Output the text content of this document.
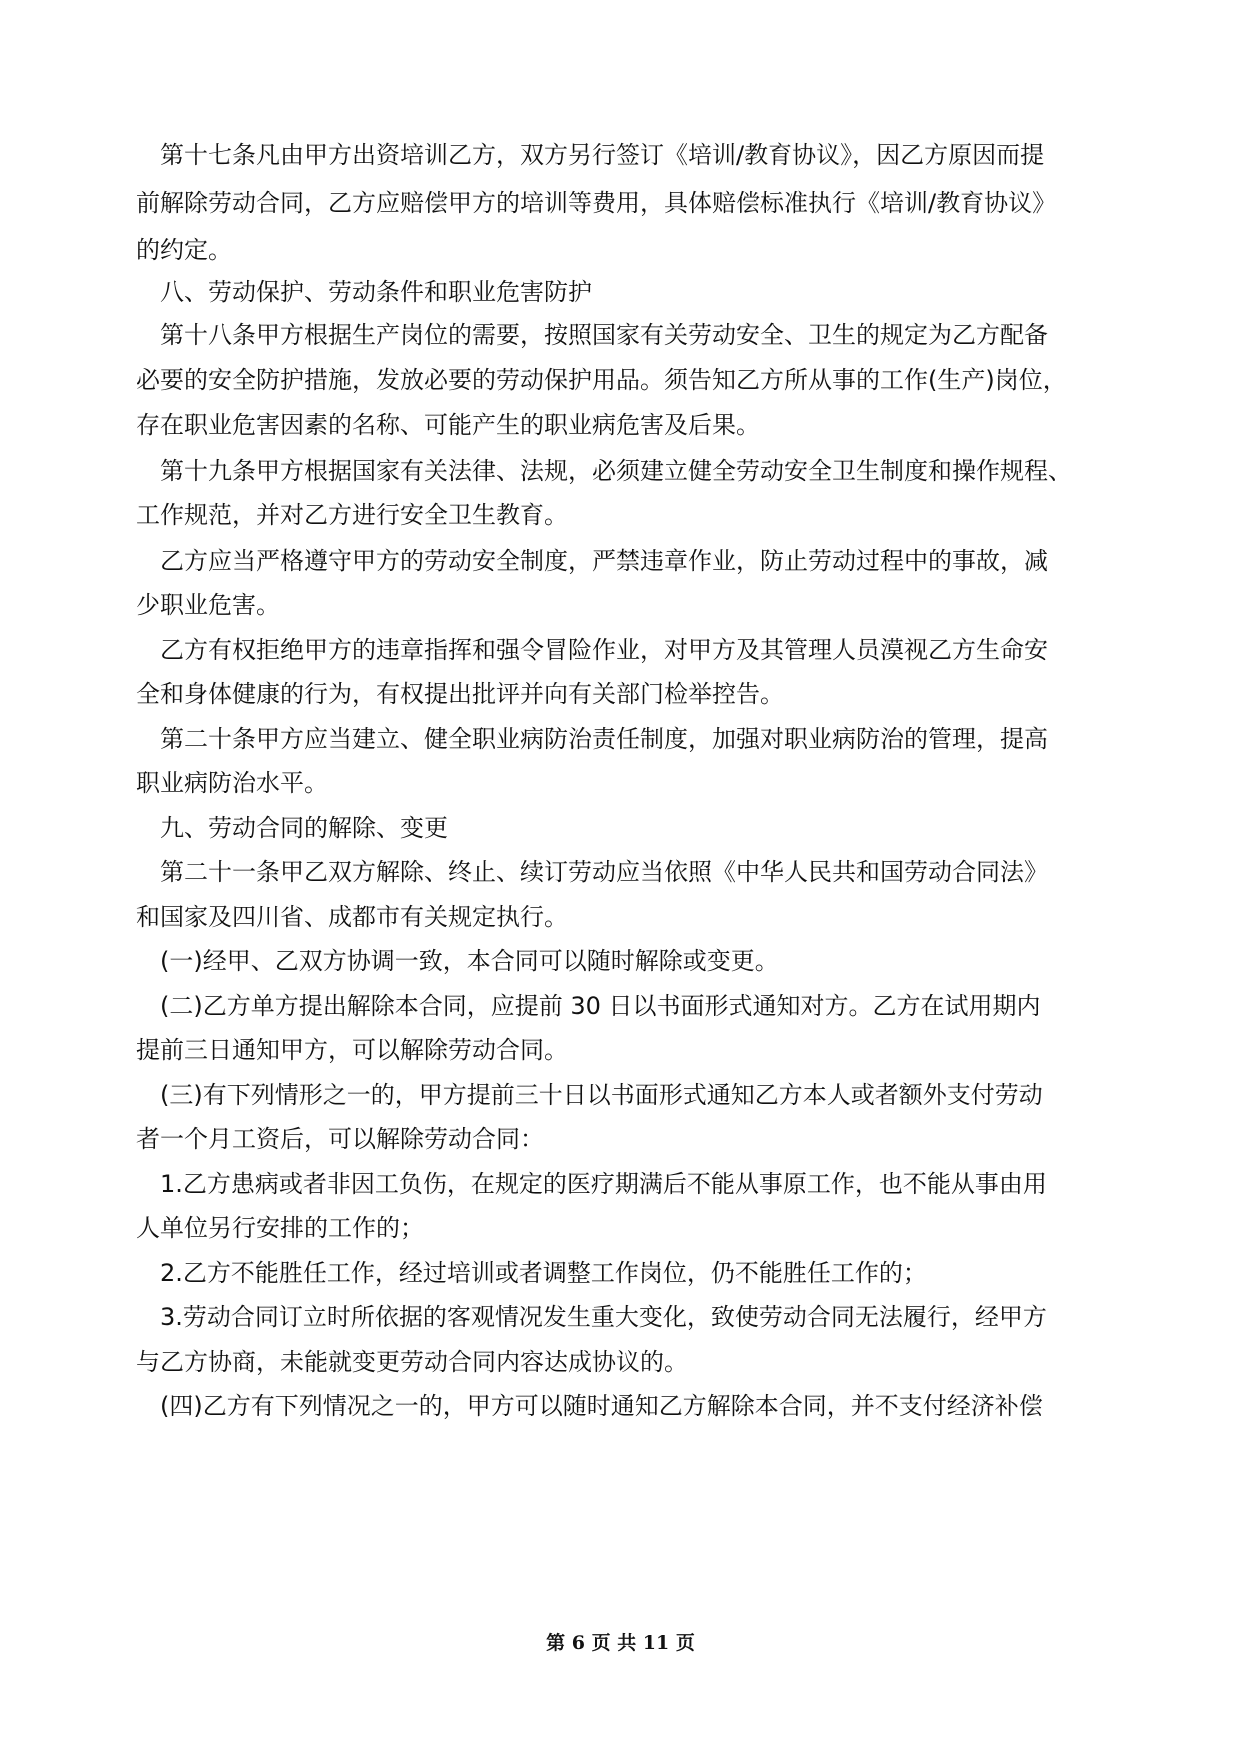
第十七条凡由甲方出资培训乙方，双方另行签订《培训/教育协议》，因乙方原因而提
前解除劳动合同，乙方应赔偿甲方的培训等费用，具体赔偿标准执行《培训/教育协议》
的约定。
八、劳动保护、劳动条件和职业危害防护
第十八条甲方根据生产岗位的需要，按照国家有关劳动安全、卫生的规定为乙方配备
必要的安全防护措施，发放必要的劳动保护用品。须告知乙方所从事的工作(生产)岗位，
存在职业危害因素的名称、可能产生的职业病危害及后果。
第十九条甲方根据国家有关法律、法规，必须建立健全劳动安全卫生制度和操作规程、
工作规范，并对乙方进行安全卫生教育。
乙方应当严格遵守甲方的劳动安全制度，严禁违章作业，防止劳动过程中的事故，减
少职业危害。
乙方有权拒绝甲方的违章指挥和强令冒险作业，对甲方及其管理人员漠视乙方生命安
全和身体健康的行为，有权提出批评并向有关部门检举控告。
第二十条甲方应当建立、健全职业病防治责任制度，加强对职业病防治的管理，提高
职业病防治水平。
九、劳动合同的解除、变更
第二十一条甲乙双方解除、终止、续订劳动应当依照《中华人民共和国劳动合同法》
和国家及四川省、成都市有关规定执行。
(一)经甲、乙双方协调一致，本合同可以随时解除或变更。
(二)乙方单方提出解除本合同，应提前 30 日以书面形式通知对方。乙方在试用期内
提前三日通知甲方，可以解除劳动合同。
(三)有下列情形之一的，甲方提前三十日以书面形式通知乙方本人或者额外支付劳动
者一个月工资后，可以解除劳动合同：
1.乙方患病或者非因工负伤，在规定的医疗期满后不能从事原工作，也不能从事由用
人单位另行安排的工作的；
2.乙方不能胜任工作，经过培训或者调整工作岗位，仍不能胜任工作的；
3.劳动合同订立时所依据的客观情况发生重大变化，致使劳动合同无法履行，经甲方
与乙方协商，未能就变更劳动合同内容达成协议的。
(四)乙方有下列情况之一的，甲方可以随时通知乙方解除本合同，并不支付经济补偿
第 6 页 共 11 页
